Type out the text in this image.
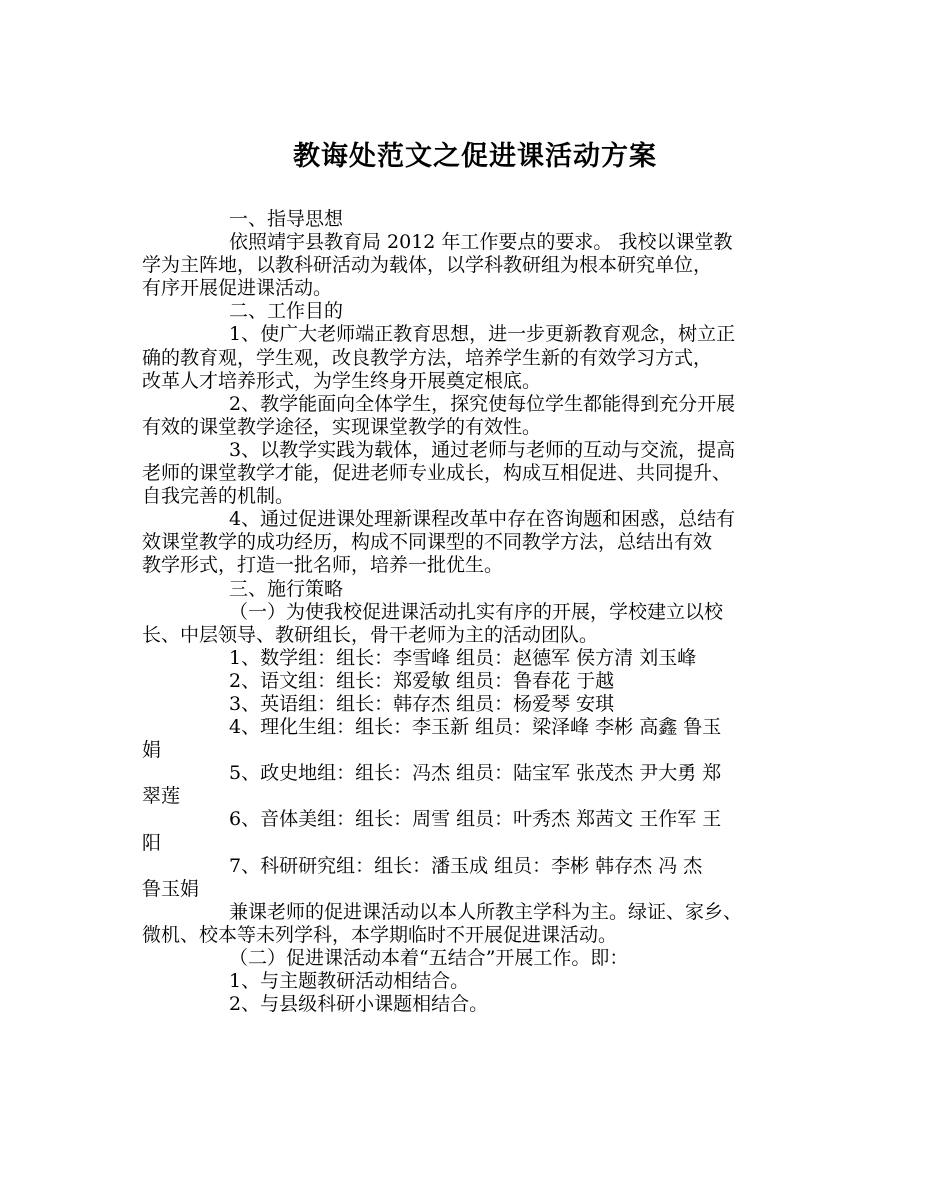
教诲处范文之促进课活动方案
一、指导思想
依照靖宇县教育局 2012 年工作要点的要求。 我校以课堂教
学为主阵地，以教科研活动为载体，以学科教研组为根本研究单位，
有序开展促进课活动。
二、工作目的
1、使广大老师端正教育思想，进一步更新教育观念，树立正
确的教育观，学生观，改良教学方法，培养学生新的有效学习方式，
改革人才培养形式，为学生终身开展奠定根底。
2、教学能面向全体学生，探究使每位学生都能得到充分开展
有效的课堂教学途径，实现课堂教学的有效性。
3、以教学实践为载体，通过老师与老师的互动与交流，提高
老师的课堂教学才能，促进老师专业成长，构成互相促进、共同提升、
自我完善的机制。
4、通过促进课处理新课程改革中存在咨询题和困惑，总结有
效课堂教学的成功经历，构成不同课型的不同教学方法，总结出有效
教学形式，打造一批名师，培养一批优生。
三、施行策略
（一）为使我校促进课活动扎实有序的开展，学校建立以校
长、中层领导、教研组长，骨干老师为主的活动团队。
1、数学组：组长：李雪峰 组员：赵德军 侯方清 刘玉峰
2、语文组：组长：郑爱敏 组员：鲁春花 于越
3、英语组：组长：韩存杰 组员：杨爱琴 安琪
4、理化生组：组长：李玉新 组员：梁泽峰 李彬 高鑫 鲁玉
娟
5、政史地组：组长：冯杰 组员：陆宝军 张茂杰 尹大勇 郑
翠莲
6、音体美组：组长：周雪 组员：叶秀杰 郑茜文 王作军 王
阳
7、科研研究组：组长：潘玉成 组员：李彬 韩存杰 冯 杰
鲁玉娟
兼课老师的促进课活动以本人所教主学科为主。绿证、家乡、
微机、校本等未列学科，本学期临时不开展促进课活动。
（二）促进课活动本着“五结合”开展工作。即：
1、与主题教研活动相结合。
2、与县级科研小课题相结合。
